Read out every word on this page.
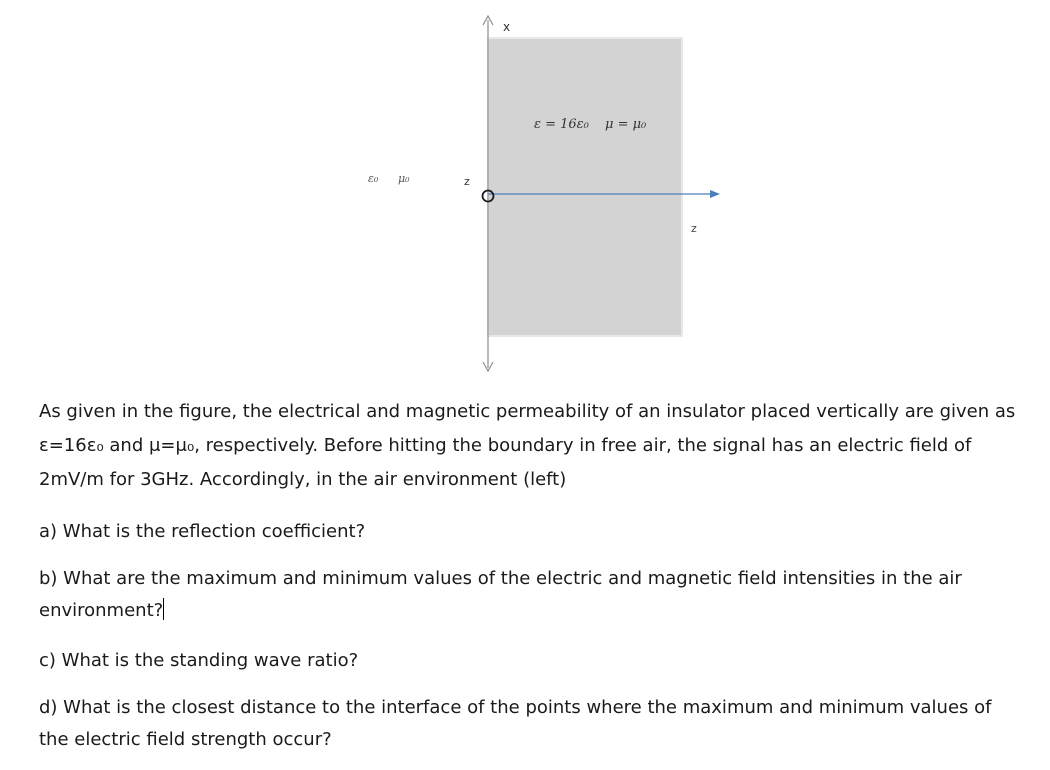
x
z
z
ε = 16ε₀ μ = μ₀
ε₀ μ₀
As given in the figure, the electrical and magnetic permeability of an insulator placed vertically are given as ε=16ε₀ and μ=μ₀, respectively. Before hitting the boundary in free air, the signal has an electric field of 2mV/m for 3GHz. Accordingly, in the air environment (left)
a) What is the reflection coefficient?
b) What are the maximum and minimum values of the electric and magnetic field intensities in the air environment?
c) What is the standing wave ratio?
d) What is the closest distance to the interface of the points where the maximum and minimum values of the electric field strength occur?
